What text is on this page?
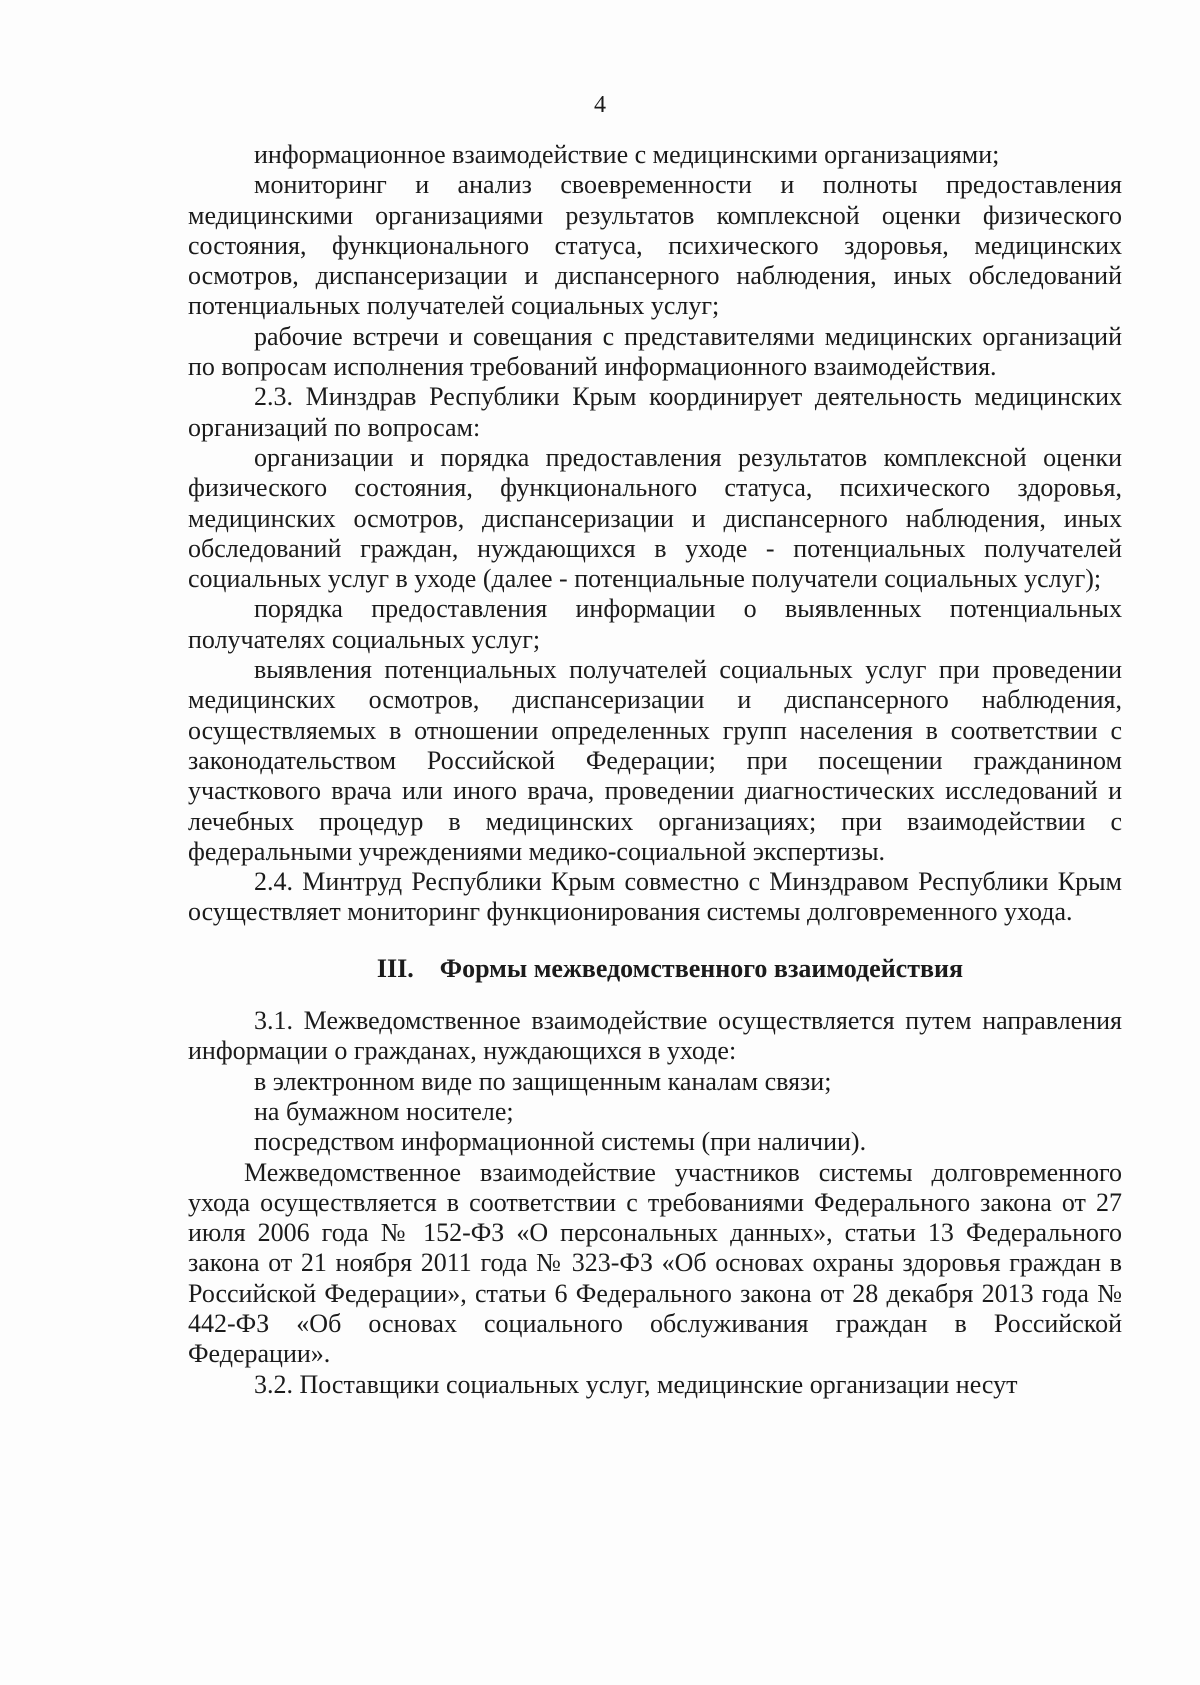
4

информационное взаимодействие с медицинскими организациями;

мониторинг и анализ своевременности и полноты предоставления медицинскими организациями результатов комплексной оценки физического состояния, функционального статуса, психического здоровья, медицинских осмотров, диспансеризации и диспансерного наблюдения, иных обследований потенциальных получателей социальных услуг;

рабочие встречи и совещания с представителями медицинских организаций по вопросам исполнения требований информационного взаимодействия.

2.3. Минздрав Республики Крым координирует деятельность медицинских организаций по вопросам:

организации и порядка предоставления результатов комплексной оценки физического состояния, функционального статуса, психического здоровья, медицинских осмотров, диспансеризации и диспансерного наблюдения, иных обследований граждан, нуждающихся в уходе - потенциальных получателей социальных услуг в уходе (далее - потенциальные получатели социальных услуг);

порядка предоставления информации о выявленных потенциальных получателях социальных услуг;

выявления потенциальных получателей социальных услуг при проведении медицинских осмотров, диспансеризации и диспансерного наблюдения, осуществляемых в отношении определенных групп населения в соответствии с законодательством Российской Федерации; при посещении гражданином участкового врача или иного врача, проведении диагностических исследований и лечебных процедур в медицинских организациях; при взаимодействии с федеральными учреждениями медико-социальной экспертизы.

2.4. Минтруд Республики Крым совместно с Минздравом Республики Крым осуществляет мониторинг функционирования системы долговременного ухода.

III. Формы межведомственного взаимодействия

3.1. Межведомственное взаимодействие осуществляется путем направления информации о гражданах, нуждающихся в уходе:

в электронном виде по защищенным каналам связи;

на бумажном носителе;

посредством информационной системы (при наличии).

Межведомственное взаимодействие участников системы долговременного ухода осуществляется в соответствии с требованиями Федерального закона от 27 июля 2006 года № 152-ФЗ «О персональных данных», статьи 13 Федерального закона от 21 ноября 2011 года № 323-ФЗ «Об основах охраны здоровья граждан в Российской Федерации», статьи 6 Федерального закона от 28 декабря 2013 года № 442-ФЗ «Об основах социального обслуживания граждан в Российской Федерации».

3.2. Поставщики социальных услуг, медицинские организации несут
